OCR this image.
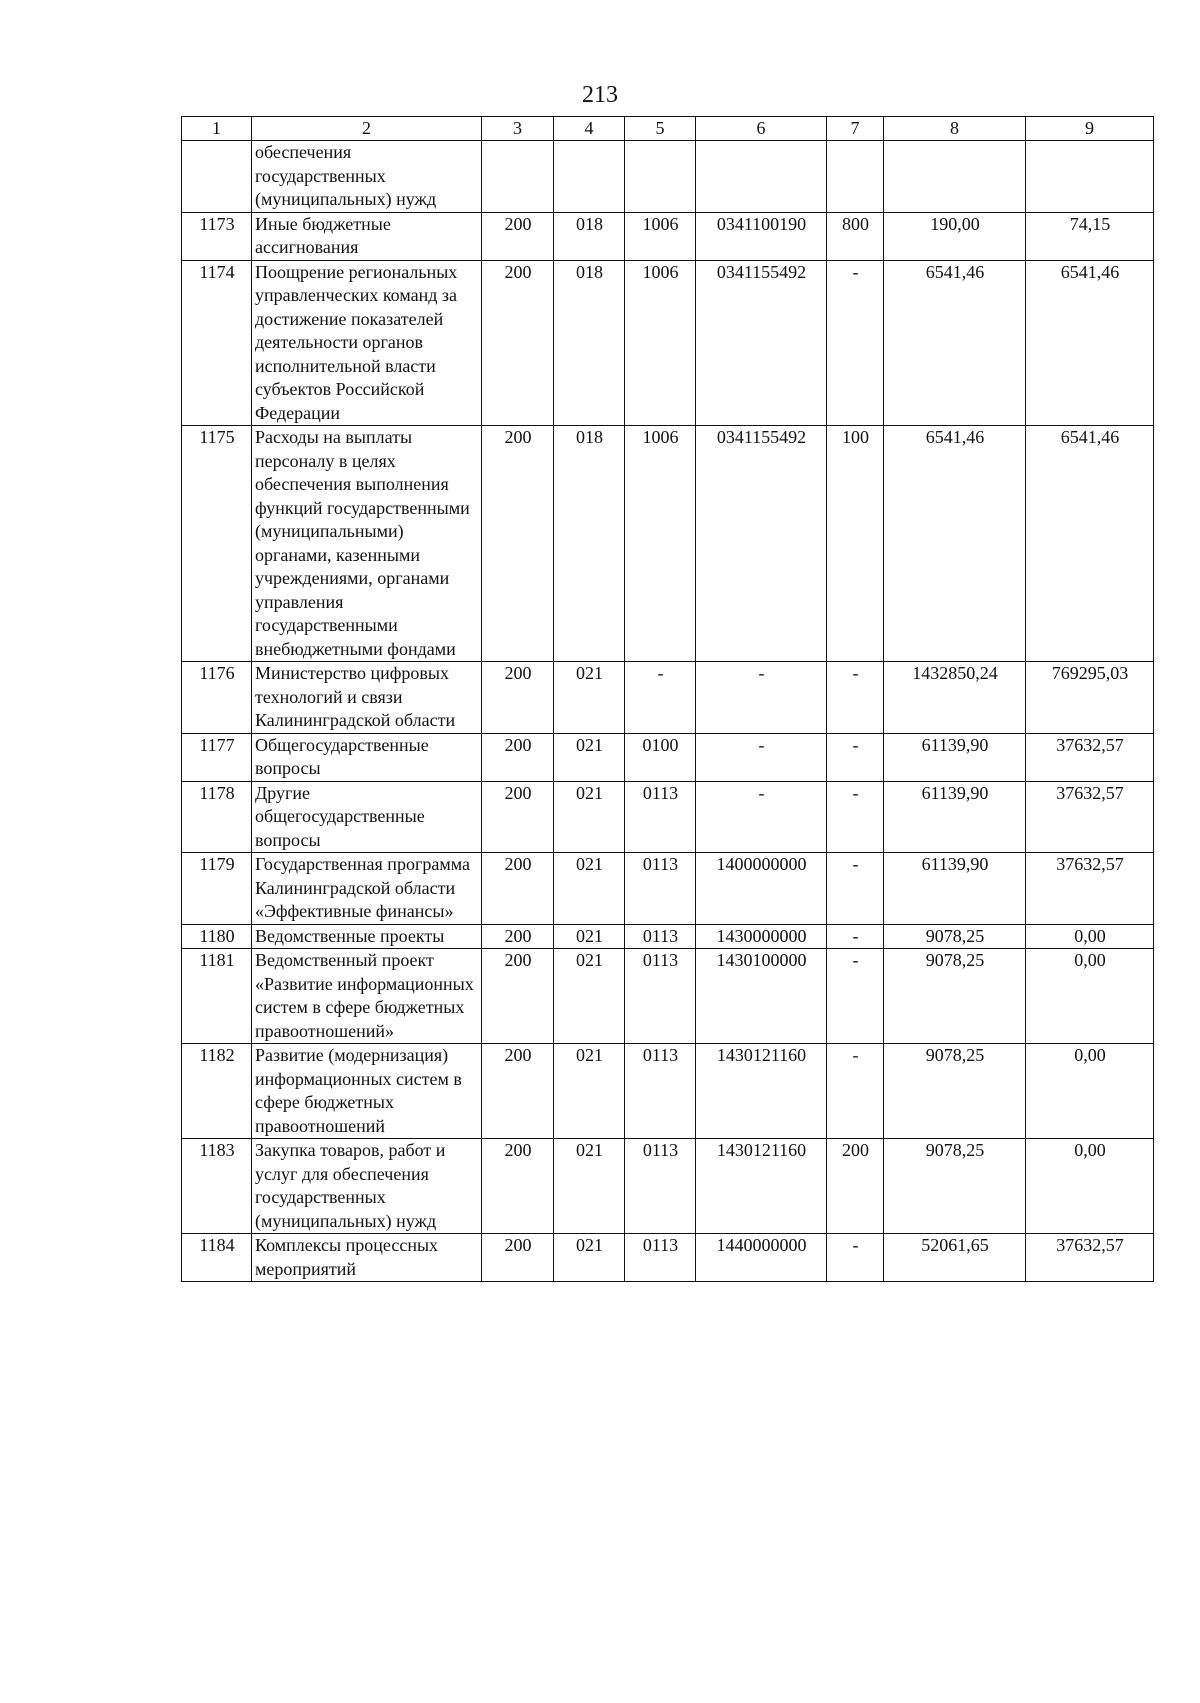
213
1	2	3	4	5	6	7	8	9
	обеспечения государственных (муниципальных) нужд							
1173	Иные бюджетные ассигнования	200	018	1006	0341100190	800	190,00	74,15
1174	Поощрение региональных управленческих команд за достижение показателей деятельности органов исполнительной власти субъектов Российской Федерации	200	018	1006	0341155492	-	6541,46	6541,46
1175	Расходы на выплаты персоналу в целях обеспечения выполнения функций государственными (муниципальными) органами, казенными учреждениями, органами управления государственными внебюджетными фондами	200	018	1006	0341155492	100	6541,46	6541,46
1176	Министерство цифровых технологий и связи Калининградской области	200	021	-	-	-	1432850,24	769295,03
1177	Общегосударственные вопросы	200	021	0100	-	-	61139,90	37632,57
1178	Другие общегосударственные вопросы	200	021	0113	-	-	61139,90	37632,57
1179	Государственная программа Калининградской области «Эффективные финансы»	200	021	0113	1400000000	-	61139,90	37632,57
1180	Ведомственные проекты	200	021	0113	1430000000	-	9078,25	0,00
1181	Ведомственный проект «Развитие информационных систем в сфере бюджетных правоотношений»	200	021	0113	1430100000	-	9078,25	0,00
1182	Развитие (модернизация) информационных систем в сфере бюджетных правоотношений	200	021	0113	1430121160	-	9078,25	0,00
1183	Закупка товаров, работ и услуг для обеспечения государственных (муниципальных) нужд	200	021	0113	1430121160	200	9078,25	0,00
1184	Комплексы процессных мероприятий	200	021	0113	1440000000	-	52061,65	37632,57
